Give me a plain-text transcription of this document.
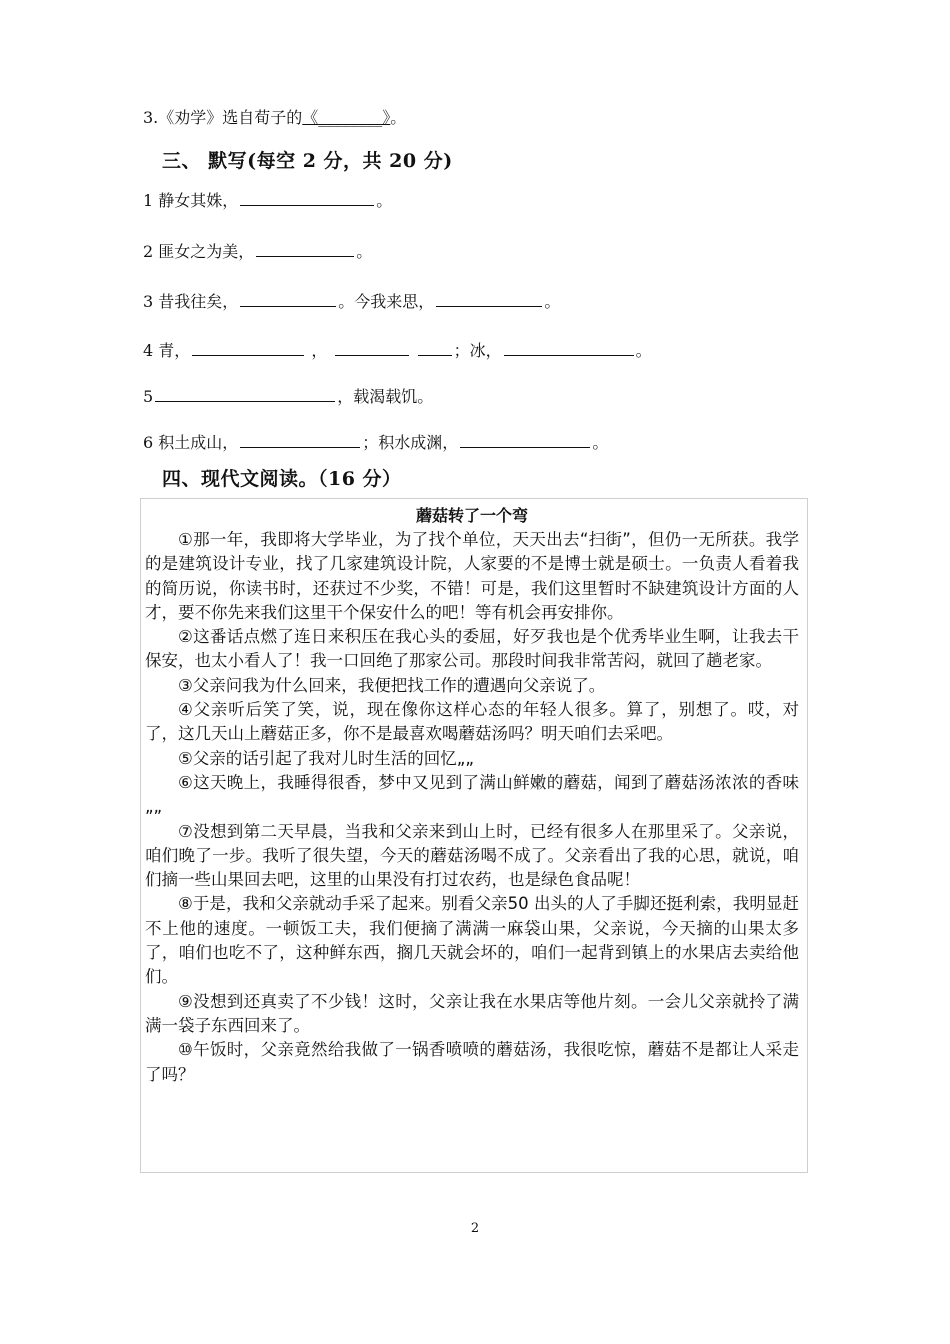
3.《劝学》选自荀子的《________》。
三、 默写(每空 2 分，共 20 分)
1 静女其姝，	。
2 匪女之为美，	。
3 昔我往矣，	。今我来思，	。
4 青，	，	；冰，	。
5	，载渴载饥。
6 积土成山，	；积水成渊，	。
四、现代文阅读。（16 分）
蘑菇转了一个弯

①那一年，我即将大学毕业，为了找个单位，天天出去“扫街”，但仍一无所获。我学的是建筑设计专业，找了几家建筑设计院，人家要的不是博士就是硕士。一负责人看着我的简历说，你读书时，还获过不少奖，不错！可是，我们这里暂时不缺建筑设计方面的人才，要不你先来我们这里干个保安什么的吧！等有机会再安排你。

②这番话点燃了连日来积压在我心头的委屈，好歹我也是个优秀毕业生啊，让我去干保安，也太小看人了！我一口回绝了那家公司。那段时间我非常苦闷，就回了趟老家。

③父亲问我为什么回来，我便把找工作的遭遇向父亲说了。

④父亲听后笑了笑，说，现在像你这样心态的年轻人很多。算了，别想了。哎，对了，这几天山上蘑菇正多，你不是最喜欢喝蘑菇汤吗？明天咱们去采吧。

⑤父亲的话引起了我对儿时生活的回忆„„

⑥这天晚上，我睡得很香，梦中又见到了满山鲜嫩的蘑菇，闻到了蘑菇汤浓浓的香味„„

⑦没想到第二天早晨，当我和父亲来到山上时，已经有很多人在那里采了。父亲说，咱们晚了一步。我听了很失望，今天的蘑菇汤喝不成了。父亲看出了我的心思，就说，咱们摘一些山果回去吧，这里的山果没有打过农药，也是绿色食品呢！

⑧于是，我和父亲就动手采了起来。别看父亲50 出头的人了手脚还挺利索，我明显赶不上他的速度。一顿饭工夫，我们便摘了满满一麻袋山果，父亲说，今天摘的山果太多了，咱们也吃不了，这种鲜东西，搁几天就会坏的，咱们一起背到镇上的水果店去卖给他们。

⑨没想到还真卖了不少钱！这时，父亲让我在水果店等他片刻。一会儿父亲就拎了满满一袋子东西回来了。

⑩午饭时，父亲竟然给我做了一锅香喷喷的蘑菇汤，我很吃惊，蘑菇不是都让人采走了吗？

2
